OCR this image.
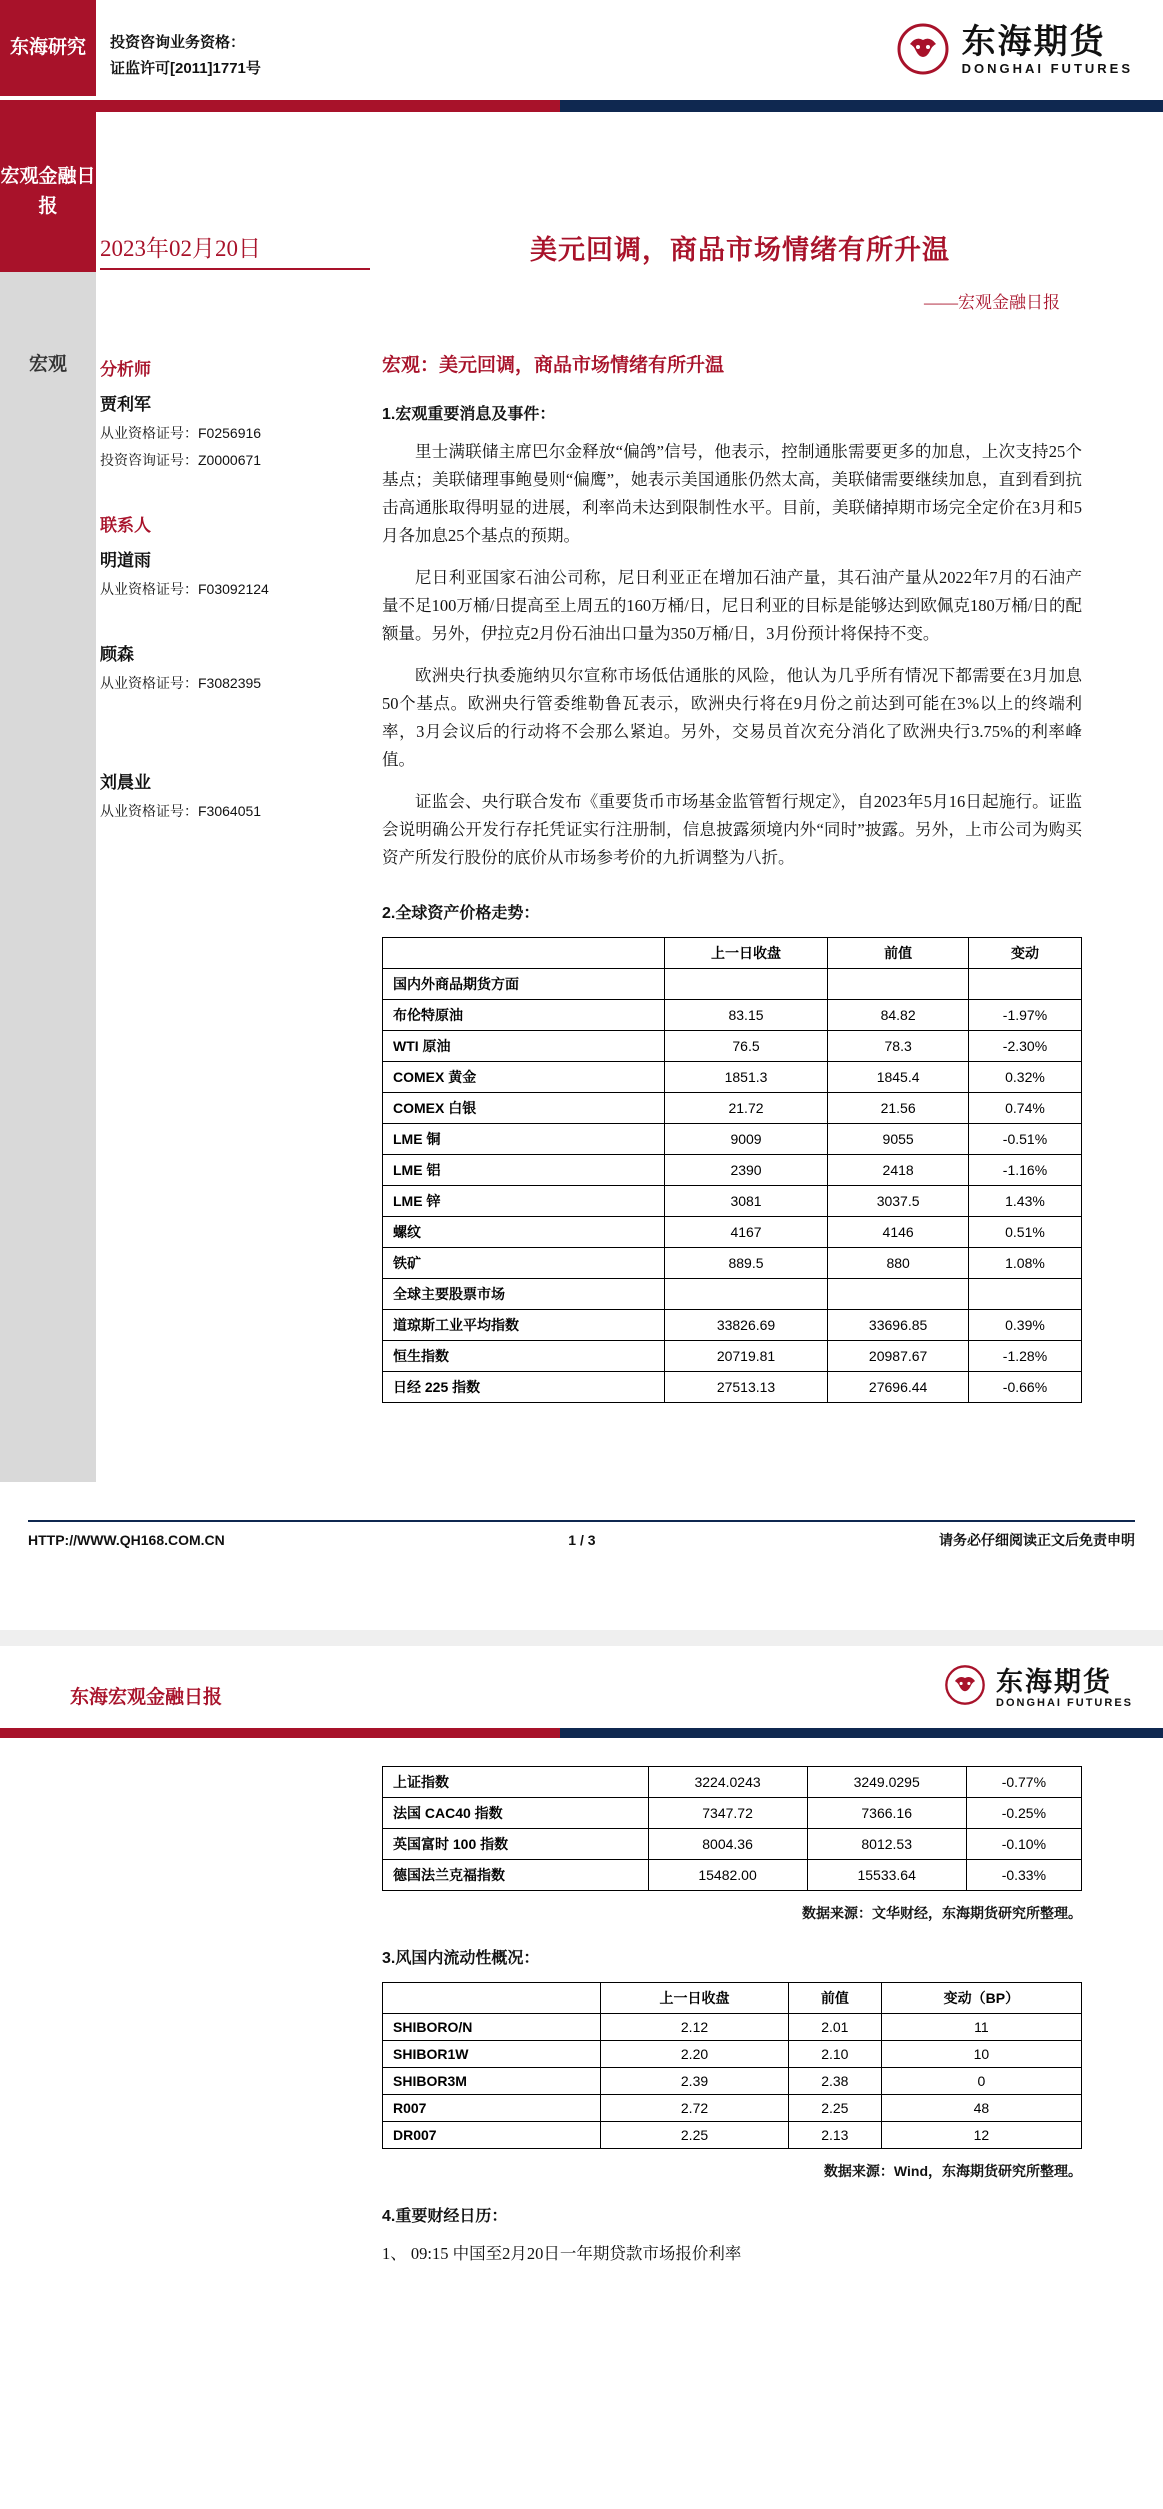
东海研究	投资咨询业务资格：
证监许可[2011]1771号
东海期货
DONGHAI FUTURES
宏观金融日报
宏观
2023年02月20日	美元回调，商品市场情绪有所升温
——宏观金融日报

分析师

贾利军

从业资格证号：F0256916

投资咨询证号：Z0000671

联系人

明道雨

从业资格证号：F03092124

顾森

从业资格证号：F3082395

刘晨业

从业资格证号：F3064051

宏观：美元回调，商品市场情绪有所升温
1.宏观重要消息及事件：

里士满联储主席巴尔金释放“偏鸽”信号，他表示，控制通胀需要更多的加息，上次支持25个基点；美联储理事鲍曼则“偏鹰”，她表示美国通胀仍然太高，美联储需要继续加息，直到看到抗击高通胀取得明显的进展，利率尚未达到限制性水平。目前，美联储掉期市场完全定价在3月和5月各加息25个基点的预期。

尼日利亚国家石油公司称，尼日利亚正在增加石油产量，其石油产量从2022年7月的石油产量不足100万桶/日提高至上周五的160万桶/日，尼日利亚的目标是能够达到欧佩克180万桶/日的配额量。另外，伊拉克2月份石油出口量为350万桶/日，3月份预计将保持不变。

欧洲央行执委施纳贝尔宣称市场低估通胀的风险，他认为几乎所有情况下都需要在3月加息50个基点。欧洲央行管委维勒鲁瓦表示，欧洲央行将在9月份之前达到可能在3%以上的终端利率，3月会议后的行动将不会那么紧迫。另外，交易员首次充分消化了欧洲央行3.75%的利率峰值。

证监会、央行联合发布《重要货币市场基金监管暂行规定》，自2023年5月16日起施行。证监会说明确公开发行存托凭证实行注册制，信息披露须境内外“同时”披露。另外，上市公司为购买资产所发行股份的底价从市场参考价的九折调整为八折。

2.全球资产价格走势：
	上一日收盘	前值	变动
国内外商品期货方面			
布伦特原油	83.15	84.82	-1.97%
WTI 原油	76.5	78.3	-2.30%
COMEX 黄金	1851.3	1845.4	0.32%
COMEX 白银	21.72	21.56	0.74%
LME 铜	9009	9055	-0.51%
LME 铝	2390	2418	-1.16%
LME 锌	3081	3037.5	1.43%
螺纹	4167	4146	0.51%
铁矿	889.5	880	1.08%
全球主要股票市场			
道琼斯工业平均指数	33826.69	33696.85	0.39%
恒生指数	20719.81	20987.67	-1.28%
日经 225 指数	27513.13	27696.44	-0.66%
HTTP://WWW.QH168.COM.CN	1 / 3	请务必仔细阅读正文后免责申明
东海宏观金融日报
东海期货
DONGHAI FUTURES
上证指数	3224.0243	3249.0295	-0.77%
法国 CAC40 指数	7347.72	7366.16	-0.25%
英国富时 100 指数	8004.36	8012.53	-0.10%
德国法兰克福指数	15482.00	15533.64	-0.33%
数据来源：文华财经，东海期货研究所整理。
3.风国内流动性概况：
	上一日收盘	前值	变动（BP）
SHIBORO/N	2.12	2.01	11
SHIBOR1W	2.20	2.10	10
SHIBOR3M	2.39	2.38	0
R007	2.72	2.25	48
DR007	2.25	2.13	12
数据来源：Wind，东海期货研究所整理。
4.重要财经日历：
1、 09:15 中国至2月20日一年期贷款市场报价利率
